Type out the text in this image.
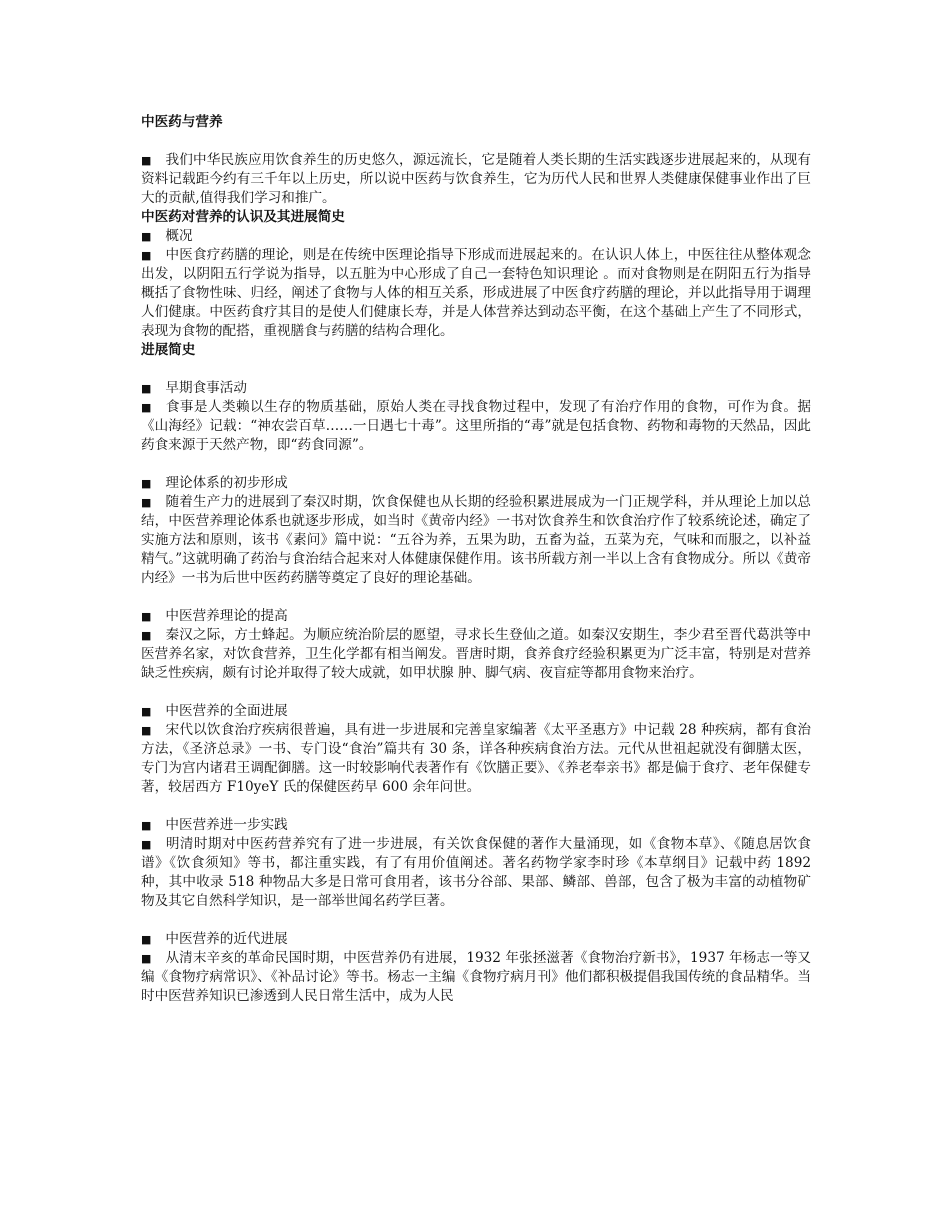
中医药与营养

■ 我们中华民族应用饮食养生的历史悠久，源远流长，它是随着人类长期的生活实践逐步进展起来的，从现有资料记载距今约有三千年以上历史，所以说中医药与饮食养生，它为历代人民和世界人类健康保健事业作出了巨大的贡献,值得我们学习和推广。

中医药对营养的认识及其进展简史

■ 概况

■ 中医食疗药膳的理论，则是在传统中医理论指导下形成而进展起来的。在认识人体上，中医往往从整体观念出发，以阴阳五行学说为指导，以五脏为中心形成了自己一套特色知识理论 。而对食物则是在阴阳五行为指导概括了食物性味、归经，阐述了食物与人体的相互关系，形成进展了中医食疗药膳的理论，并以此指导用于调理人们健康。中医药食疗其目的是使人们健康长寿，并是人体营养达到动态平衡，在这个基础上产生了不同形式，表现为食物的配搭，重视膳食与药膳的结构合理化。

进展简史

■ 早期食事活动

■ 食事是人类赖以生存的物质基础，原始人类在寻找食物过程中，发现了有治疗作用的食物，可作为食。据《山海经》记载：“神农尝百草……一日遇七十毒”。这里所指的“毒”就是包括食物、药物和毒物的天然品，因此药食来源于天然产物，即“药食同源”。

■ 理论体系的初步形成

■ 随着生产力的进展到了秦汉时期，饮食保健也从长期的经验积累进展成为一门正规学科，并从理论上加以总结，中医营养理论体系也就逐步形成，如当时《黄帝内经》一书对饮食养生和饮食治疗作了较系统论述，确定了实施方法和原则，该书《素问》篇中说：“五谷为养，五果为助，五畜为益，五菜为充，气味和而服之，以补益精气。”这就明确了药治与食治结合起来对人体健康保健作用。该书所载方剂一半以上含有食物成分。所以《黄帝内经》一书为后世中医药药膳等奠定了良好的理论基础。

■ 中医营养理论的提高

■ 秦汉之际，方士蜂起。为顺应统治阶层的愿望，寻求长生登仙之道。如秦汉安期生，李少君至晋代葛洪等中医营养名家，对饮食营养，卫生化学都有相当阐发。晋唐时期，食养食疗经验积累更为广泛丰富，特别是对营养缺乏性疾病，颇有讨论并取得了较大成就，如甲状腺 肿、脚气病、夜盲症等都用食物来治疗。

■ 中医营养的全面进展

■ 宋代以饮食治疗疾病很普遍，具有进一步进展和完善皇家编著《太平圣惠方》中记载 28 种疾病，都有食治方法，《圣济总录》一书、专门设“食治”篇共有 30 条，详各种疾病食治方法。元代从世祖起就没有御膳太医，专门为宫内诸君王调配御膳。这一时较影响代表著作有《饮膳正要》、《养老奉亲书》都是偏于食疗、老年保健专著，较居西方 F10yeY 氏的保健医药早 600 余年问世。

■ 中医营养进一步实践

■ 明清时期对中医药营养究有了进一步进展，有关饮食保健的著作大量涌现，如《食物本草》、《随息居饮食谱》《饮食须知》等书，都注重实践，有了有用价值阐述。著名药物学家李时珍《本草纲目》记载中药 1892 种，其中收录 518 种物品大多是日常可食用者，该书分谷部、果部、鳞部、兽部，包含了极为丰富的动植物矿物及其它自然科学知识，是一部举世闻名药学巨著。

■ 中医营养的近代进展

■ 从清末辛亥的革命民国时期，中医营养仍有进展，1932 年张拯滋著《食物治疗新书》，1937 年杨志一等又编《食物疗病常识》、《补品讨论》等书。杨志一主编《食物疗病月刊》他们都积极提倡我国传统的食品精华。当时中医营养知识已渗透到人民日常生活中，成为人民
